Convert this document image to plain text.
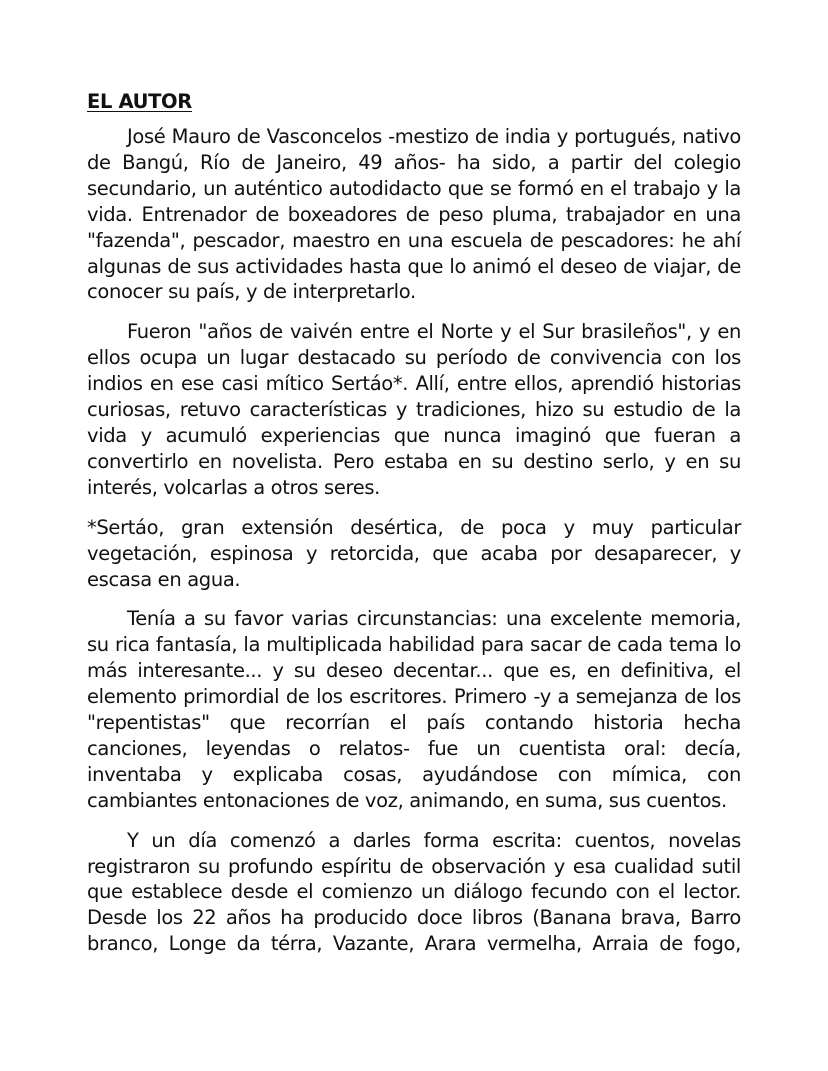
EL AUTOR

José Mauro de Vasconcelos -mestizo de india y portugués, nativo de Bangú, Río de Janeiro, 49 años- ha sido, a partir del colegio secundario, un auténtico autodidacto que se formó en el trabajo y la vida. Entrenador de boxeadores de peso pluma, trabajador en una "fazenda", pescador, maestro en una escuela de pescadores: he ahí algunas de sus actividades hasta que lo animó el deseo de viajar, de conocer su país, y de interpretarlo.

Fueron "años de vaivén entre el Norte y el Sur brasileños", y en ellos ocupa un lugar destacado su período de convivencia con los indios en ese casi mítico Sertáo*. Allí, entre ellos, aprendió historias curiosas, retuvo características y tradiciones, hizo su estudio de la vida y acumuló experiencias que nunca imaginó que fueran a convertirlo en novelista. Pero estaba en su destino serlo, y en su interés, volcarlas a otros seres.

*Sertáo, gran extensión desértica, de poca y muy particular vegetación, espinosa y retorcida, que acaba por desaparecer, y escasa en agua.

Tenía a su favor varias circunstancias: una excelente memoria, su rica fantasía, la multiplicada habilidad para sacar de cada tema lo más interesante... y su deseo decentar... que es, en definitiva, el elemento primordial de los escritores. Primero -y a semejanza de los "repentistas" que recorrían el país contando historia hecha canciones, leyendas o relatos- fue un cuentista oral: decía, inventaba y explicaba cosas, ayudándose con mímica, con cambiantes entonaciones de voz, animando, en suma, sus cuentos.

Y un día comenzó a darles forma escrita: cuentos, novelas registraron su profundo espíritu de observación y esa cualidad sutil que establece desde el comienzo un diálogo fecundo con el lector. Desde los 22 años ha producido doce libros (Banana brava, Barro branco, Longe da térra, Vazante, Arara vermelha, Arraia de fogo,
